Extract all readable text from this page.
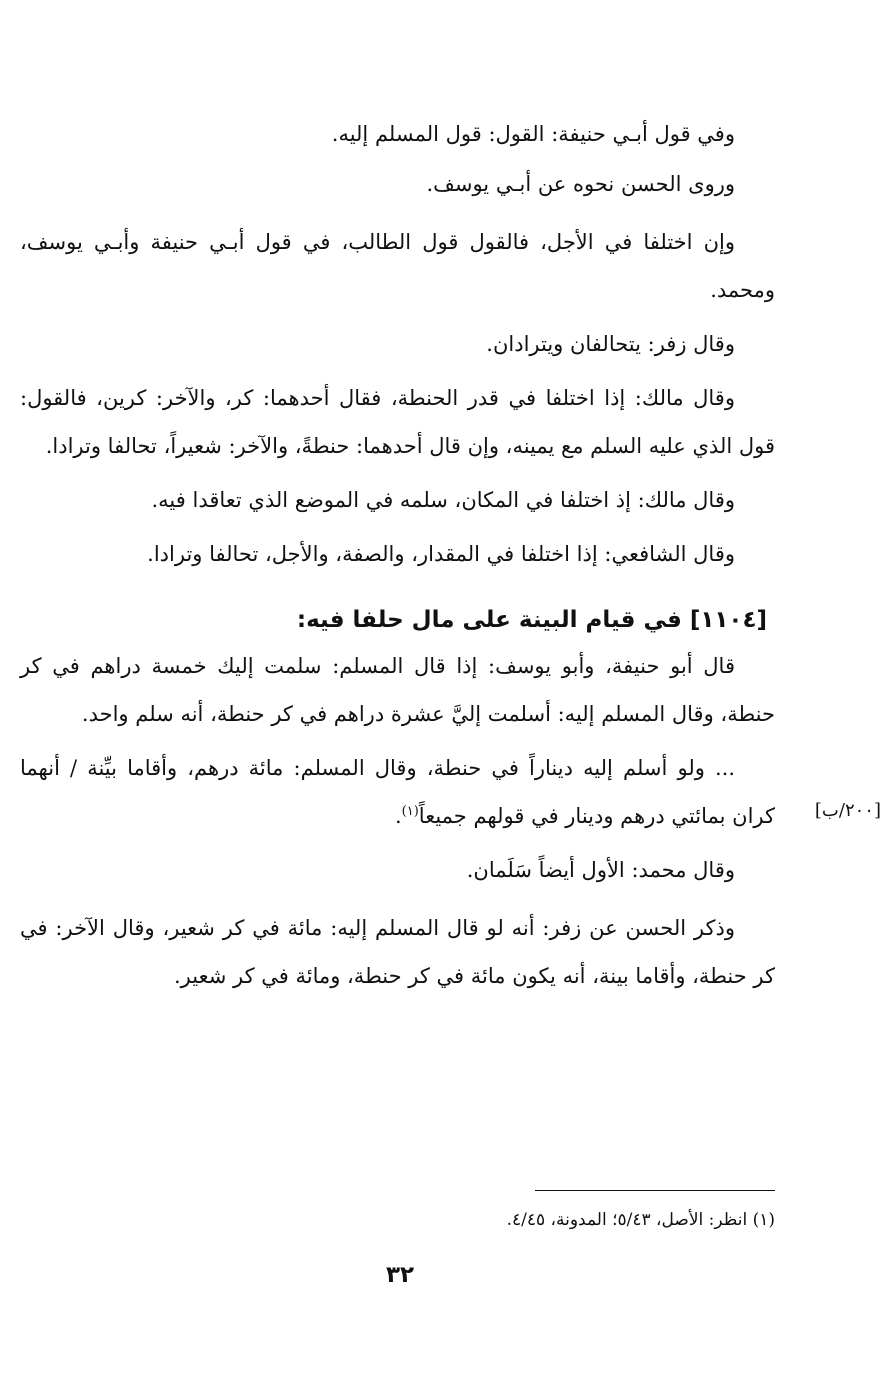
وفي قول أبـي حنيفة: القول: قول المسلم إليه.

وروى الحسن نحوه عن أبـي يوسف.

وإن اختلفا في الأجل، فالقول قول الطالب، في قول أبـي حنيفة وأبـي يوسف، ومحمد.

وقال زفر: يتحالفان ويترادان.

وقال مالك: إذا اختلفا في قدر الحنطة، فقال أحدهما: كر، والآخر: كرين، فالقول: قول الذي عليه السلم مع يمينه، وإن قال أحدهما: حنطةً، والآخر: شعيراً، تحالفا وترادا.

وقال مالك: إذ اختلفا في المكان، سلمه في الموضع الذي تعاقدا فيه.

وقال الشافعي: إذا اختلفا في المقدار، والصفة، والأجل، تحالفا وترادا.

[١١٠٤] في قيام البينة على مال حلفا فيه:

قال أبو حنيفة، وأبو يوسف: إذا قال المسلم: سلمت إليك خمسة دراهم في كر حنطة، وقال المسلم إليه: أسلمت إليَّ عشرة دراهم في كر حنطة، أنه سلم واحد.

... ولو أسلم إليه ديناراً في حنطة، وقال المسلم: مائة درهم، وأقاما بيِّنة / أنهما كران بمائتي درهم ودينار في قولهم جميعاً$^{(١)}$.

وقال محمد: الأول أيضاً سَلَمان.

وذكر الحسن عن زفر: أنه لو قال المسلم إليه: مائة في كر شعير، وقال الآخر: في كر حنطة، وأقاما بينة، أنه يكون مائة في كر حنطة، ومائة في كر شعير.

[٢٠٠/ب]
(١) انظر: الأصل، ٥/٤٣؛ المدونة، ٤/٤٥.
٣٢
